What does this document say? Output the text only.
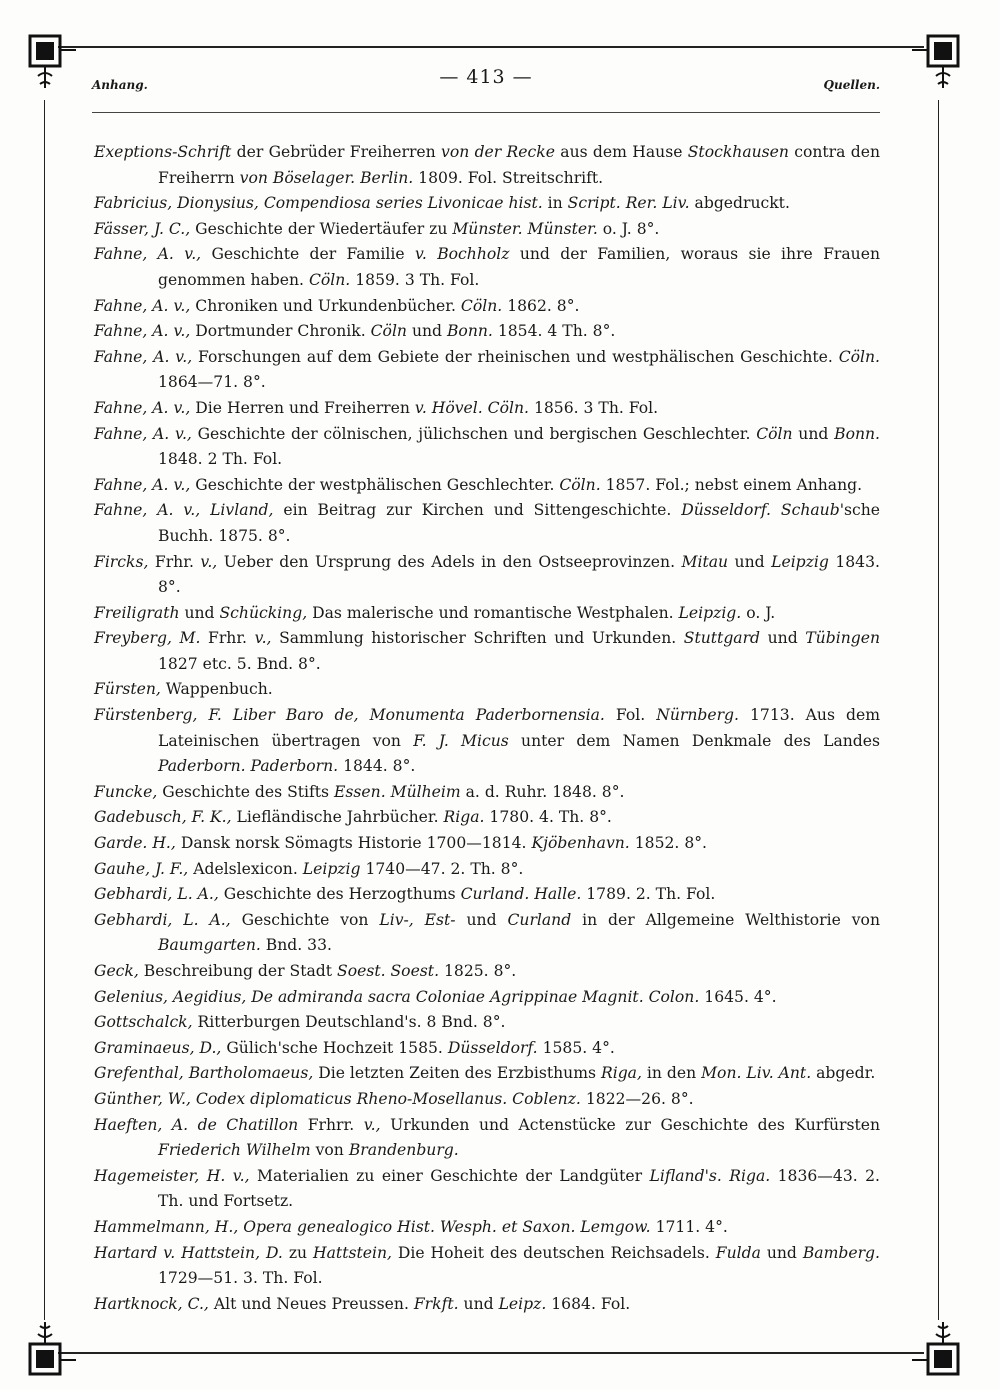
Anhang.	— 413 —	Quellen.

Exeptions-Schrift der Gebrüder Freiherren von der Recke aus dem Hause Stockhausen contra den Freiherrn von Böselager. Berlin. 1809. Fol. Streitschrift.

Fabricius, Dionysius, Compendiosa series Livonicae hist. in Script. Rer. Liv. abgedruckt.

Fässer, J. C., Geschichte der Wiedertäufer zu Münster. Münster. o. J. 8°.

Fahne, A. v., Geschichte der Familie v. Bochholz und der Familien, woraus sie ihre Frauen genommen haben. Cöln. 1859. 3 Th. Fol.

Fahne, A. v., Chroniken und Urkundenbücher. Cöln. 1862. 8°.

Fahne, A. v., Dortmunder Chronik. Cöln und Bonn. 1854. 4 Th. 8°.

Fahne, A. v., Forschungen auf dem Gebiete der rheinischen und westphälischen Geschichte. Cöln. 1864—71. 8°.

Fahne, A. v., Die Herren und Freiherren v. Hövel. Cöln. 1856. 3 Th. Fol.

Fahne, A. v., Geschichte der cölnischen, jülichschen und bergischen Geschlechter. Cöln und Bonn. 1848. 2 Th. Fol.

Fahne, A. v., Geschichte der westphälischen Geschlechter. Cöln. 1857. Fol.; nebst einem Anhang.

Fahne, A. v., Livland, ein Beitrag zur Kirchen und Sittengeschichte. Düsseldorf. Schaub'sche Buchh. 1875. 8°.

Fircks, Frhr. v., Ueber den Ursprung des Adels in den Ostseeprovinzen. Mitau und Leipzig 1843. 8°.

Freiligrath und Schücking, Das malerische und romantische Westphalen. Leipzig. o. J.

Freyberg, M. Frhr. v., Sammlung historischer Schriften und Urkunden. Stuttgard und Tübingen 1827 etc. 5. Bnd. 8°.

Fürsten, Wappenbuch.

Fürstenberg, F. Liber Baro de, Monumenta Paderbornensia. Fol. Nürnberg. 1713. Aus dem Lateinischen übertragen von F. J. Micus unter dem Namen Denkmale des Landes Paderborn. Paderborn. 1844. 8°.

Funcke, Geschichte des Stifts Essen. Mülheim a. d. Ruhr. 1848. 8°.

Gadebusch, F. K., Liefländische Jahrbücher. Riga. 1780. 4. Th. 8°.

Garde. H., Dansk norsk Sömagts Historie 1700—1814. Kjöbenhavn. 1852. 8°.

Gauhe, J. F., Adelslexicon. Leipzig 1740—47. 2. Th. 8°.

Gebhardi, L. A., Geschichte des Herzogthums Curland. Halle. 1789. 2. Th. Fol.

Gebhardi, L. A., Geschichte von Liv-, Est- und Curland in der Allgemeine Welthistorie von Baumgarten. Bnd. 33.

Geck, Beschreibung der Stadt Soest. Soest. 1825. 8°.

Gelenius, Aegidius, De admiranda sacra Coloniae Agrippinae Magnit. Colon. 1645. 4°.

Gottschalck, Ritterburgen Deutschland's. 8 Bnd. 8°.

Graminaeus, D., Gülich'sche Hochzeit 1585. Düsseldorf. 1585. 4°.

Grefenthal, Bartholomaeus, Die letzten Zeiten des Erzbisthums Riga, in den Mon. Liv. Ant. abgedr.

Günther, W., Codex diplomaticus Rheno-Mosellanus. Coblenz. 1822—26. 8°.

Haeften, A. de Chatillon Frhrr. v., Urkunden und Actenstücke zur Geschichte des Kurfürsten Friederich Wilhelm von Brandenburg.

Hagemeister, H. v., Materialien zu einer Geschichte der Landgüter Lifland's. Riga. 1836—43. 2. Th. und Fortsetz.

Hammelmann, H., Opera genealogico Hist. Wesph. et Saxon. Lemgow. 1711. 4°.

Hartard v. Hattstein, D. zu Hattstein, Die Hoheit des deutschen Reichsadels. Fulda und Bamberg. 1729—51. 3. Th. Fol.

Hartknock, C., Alt und Neues Preussen. Frkft. und Leipz. 1684. Fol.
